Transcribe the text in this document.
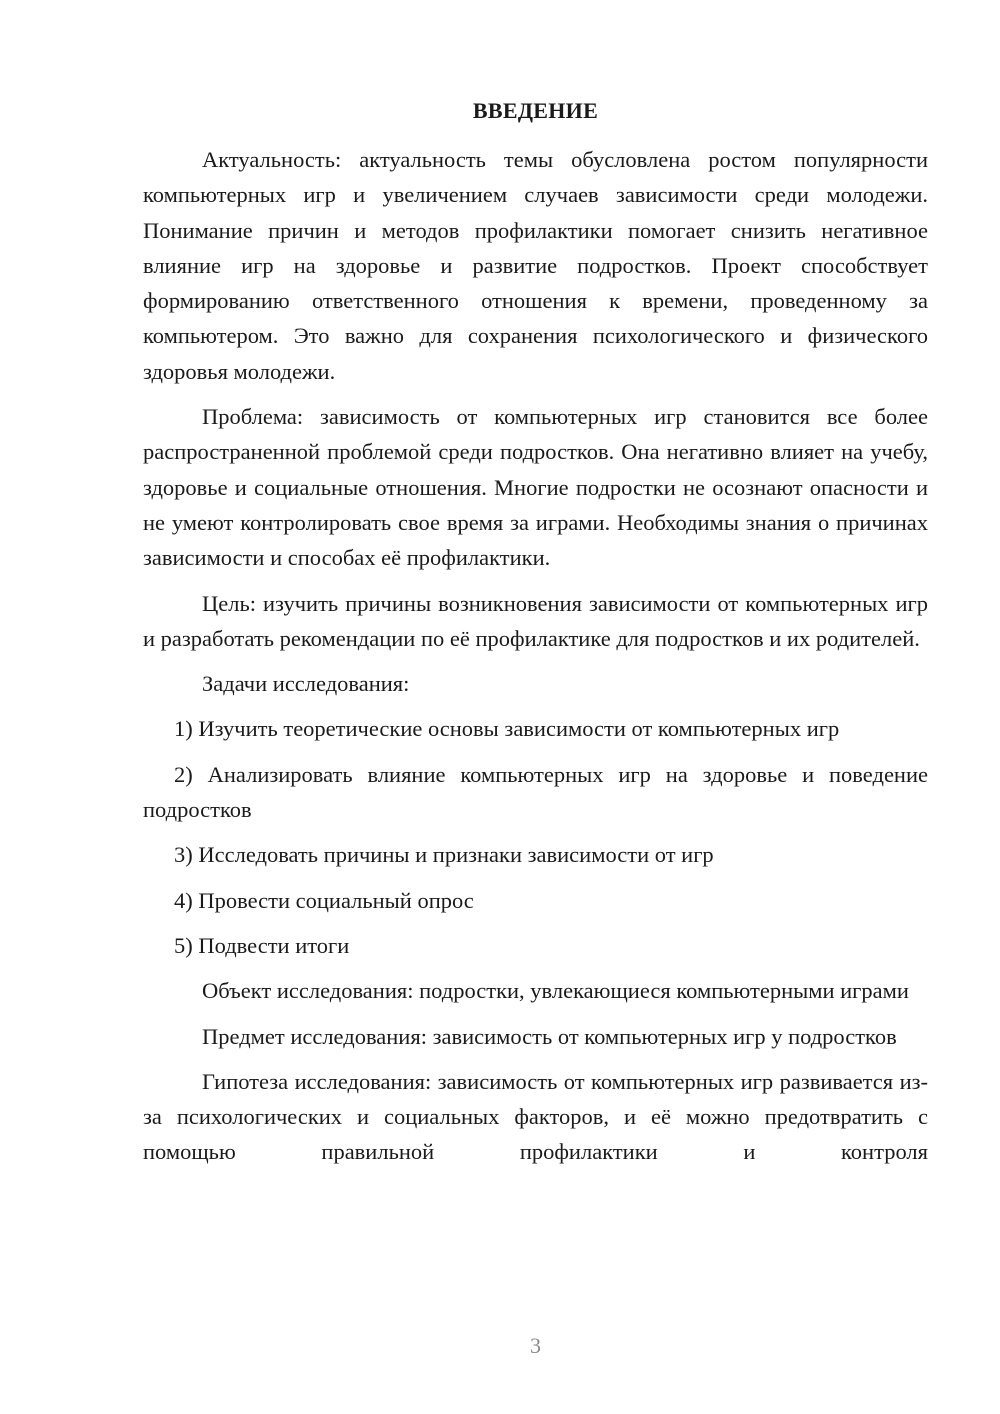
ВВЕДЕНИЕ

Актуальность: актуальность темы обусловлена ростом популярности компьютерных игр и увеличением случаев зависимости среди молодежи. Понимание причин и методов профилактики помогает снизить негативное влияние игр на здоровье и развитие подростков. Проект способствует формированию ответственного отношения к времени, проведенному за компьютером. Это важно для сохранения психологического и физического здоровья молодежи.

Проблема: зависимость от компьютерных игр становится все более распространенной проблемой среди подростков. Она негативно влияет на учебу, здоровье и социальные отношения. Многие подростки не осознают опасности и не умеют контролировать свое время за играми. Необходимы знания о причинах зависимости и способах её профилактики.

Цель: изучить причины возникновения зависимости от компьютерных игр и разработать рекомендации по её профилактике для подростков и их родителей.

Задачи исследования:

1) Изучить теоретические основы зависимости от компьютерных игр

2) Анализировать влияние компьютерных игр на здоровье и поведение подростков

3) Исследовать причины и признаки зависимости от игр

4) Провести социальный опрос

5) Подвести итоги

Объект исследования: подростки, увлекающиеся компьютерными играми

Предмет исследования: зависимость от компьютерных игр у подростков

Гипотеза исследования: зависимость от компьютерных игр развивается из-за психологических и социальных факторов, и её можно предотвратить с помощью правильной профилактики и контроля

3
